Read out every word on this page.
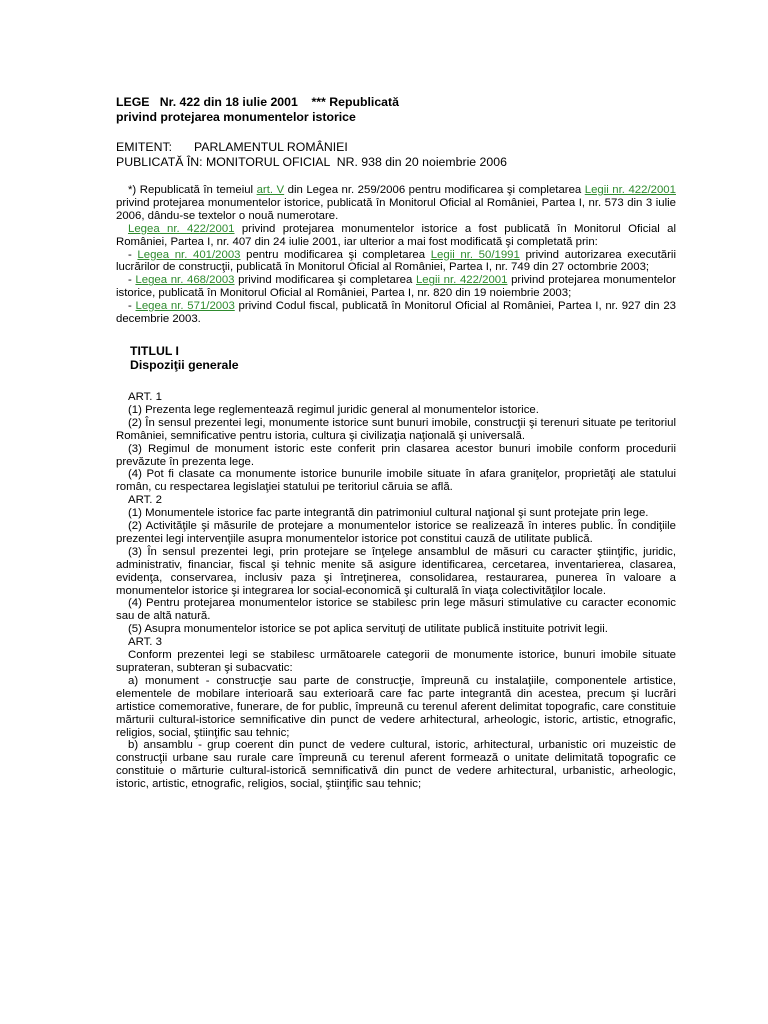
LEGE   Nr. 422 din 18 iulie 2001    *** Republicată
privind protejarea monumentelor istorice
EMITENT: PARLAMENTUL ROMÂNIEI
PUBLICATĂ ÎN: MONITORUL OFICIAL  NR. 938 din 20 noiembrie 2006

*) Republicată în temeiul art. V din Legea nr. 259/2006 pentru modificarea şi completarea Legii nr. 422/2001 privind protejarea monumentelor istorice, publicată în Monitorul Oficial al României, Partea I, nr. 573 din 3 iulie 2006, dându-se textelor o nouă numerotare.

Legea nr. 422/2001 privind protejarea monumentelor istorice a fost publicată în Monitorul Oficial al României, Partea I, nr. 407 din 24 iulie 2001, iar ulterior a mai fost modificată şi completată prin:

- Legea nr. 401/2003 pentru modificarea şi completarea Legii nr. 50/1991 privind autorizarea executării lucrărilor de construcţii, publicată în Monitorul Oficial al României, Partea I, nr. 749 din 27 octombrie 2003;

- Legea nr. 468/2003 privind modificarea şi completarea Legii nr. 422/2001 privind protejarea monumentelor istorice, publicată în Monitorul Oficial al României, Partea I, nr. 820 din 19 noiembrie 2003;

- Legea nr. 571/2003 privind Codul fiscal, publicată în Monitorul Oficial al României, Partea I, nr. 927 din 23 decembrie 2003.

TITLUL I
Dispoziţii generale

ART. 1

(1) Prezenta lege reglementează regimul juridic general al monumentelor istorice.

(2) În sensul prezentei legi, monumente istorice sunt bunuri imobile, construcţii şi terenuri situate pe teritoriul României, semnificative pentru istoria, cultura şi civilizaţia naţională şi universală.

(3) Regimul de monument istoric este conferit prin clasarea acestor bunuri imobile conform procedurii prevăzute în prezenta lege.

(4) Pot fi clasate ca monumente istorice bunurile imobile situate în afara graniţelor, proprietăţi ale statului român, cu respectarea legislaţiei statului pe teritoriul căruia se află.

ART. 2

(1) Monumentele istorice fac parte integrantă din patrimoniul cultural naţional şi sunt protejate prin lege.

(2) Activităţile şi măsurile de protejare a monumentelor istorice se realizează în interes public. În condiţiile prezentei legi intervenţiile asupra monumentelor istorice pot constitui cauză de utilitate publică.

(3) În sensul prezentei legi, prin protejare se înţelege ansamblul de măsuri cu caracter ştiinţific, juridic, administrativ, financiar, fiscal şi tehnic menite să asigure identificarea, cercetarea, inventarierea, clasarea, evidenţa, conservarea, inclusiv paza şi întreţinerea, consolidarea, restaurarea, punerea în valoare a monumentelor istorice şi integrarea lor social-economică şi culturală în viaţa colectivităţilor locale.

(4) Pentru protejarea monumentelor istorice se stabilesc prin lege măsuri stimulative cu caracter economic sau de altă natură.

(5) Asupra monumentelor istorice se pot aplica servituţi de utilitate publică instituite potrivit legii.

ART. 3

Conform prezentei legi se stabilesc următoarele categorii de monumente istorice, bunuri imobile situate suprateran, subteran şi subacvatic:

a) monument - construcţie sau parte de construcţie, împreună cu instalaţiile, componentele artistice, elementele de mobilare interioară sau exterioară care fac parte integrantă din acestea, precum şi lucrări artistice comemorative, funerare, de for public, împreună cu terenul aferent delimitat topografic, care constituie mărturii cultural-istorice semnificative din punct de vedere arhitectural, arheologic, istoric, artistic, etnografic, religios, social, ştiinţific sau tehnic;

b) ansamblu - grup coerent din punct de vedere cultural, istoric, arhitectural, urbanistic ori muzeistic de construcţii urbane sau rurale care împreună cu terenul aferent formează o unitate delimitată topografic ce constituie o mărturie cultural-istorică semnificativă din punct de vedere arhitectural, urbanistic, arheologic, istoric, artistic, etnografic, religios, social, ştiinţific sau tehnic;
